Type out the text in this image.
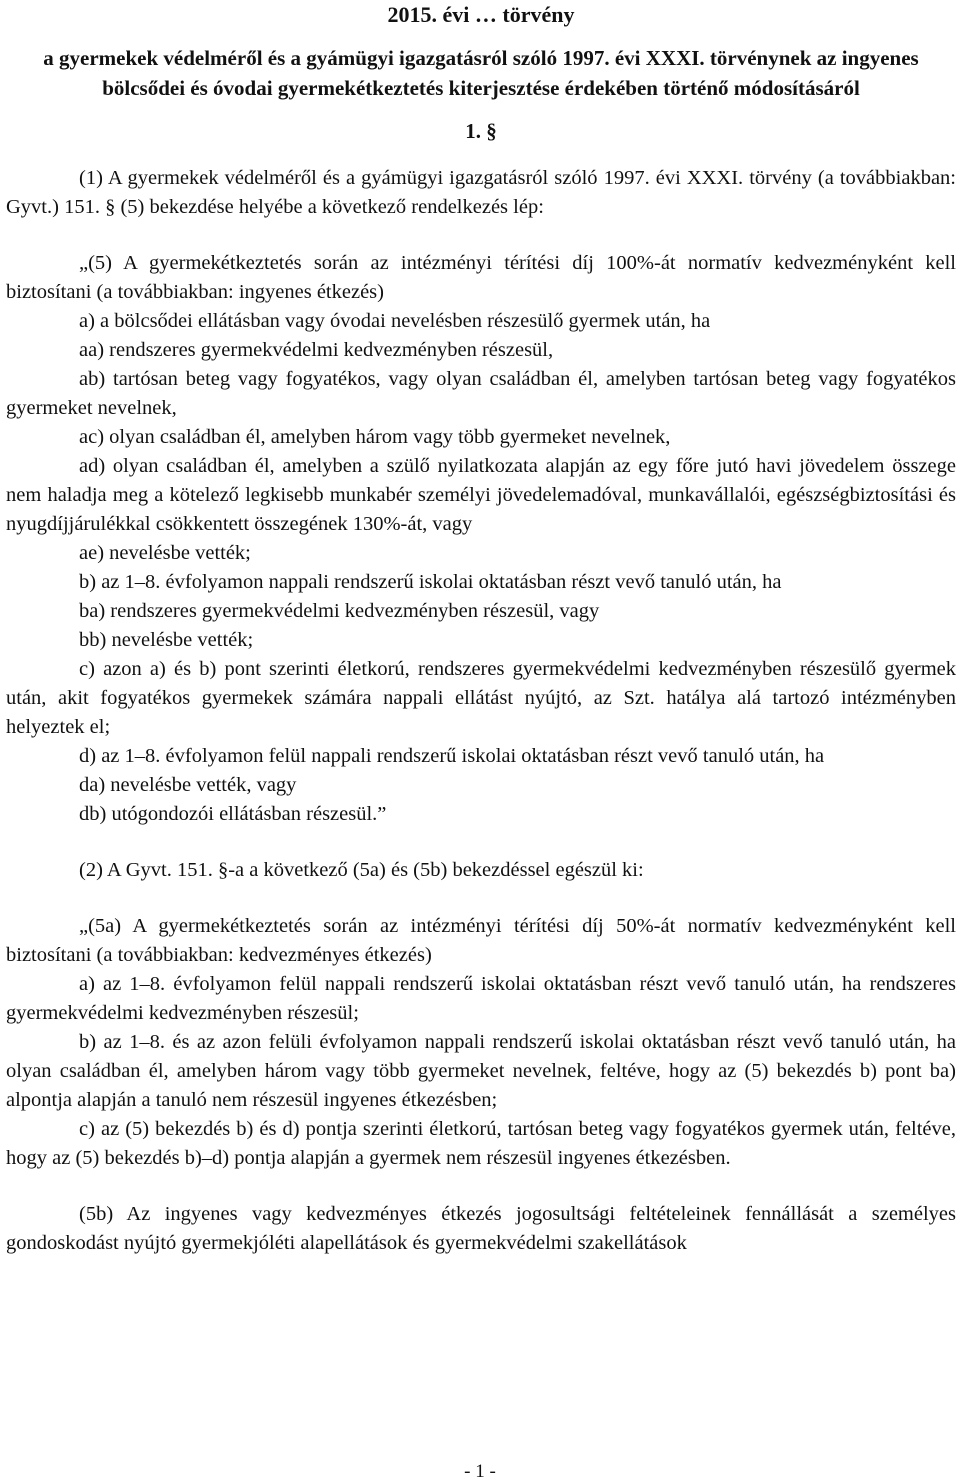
2015. évi … törvény

a gyermekek védelméről és a gyámügyi igazgatásról szóló 1997. évi XXXI. törvénynek az ingyenes bölcsődei és óvodai gyermekétkeztetés kiterjesztése érdekében történő módosításáról

1. §

(1) A gyermekek védelméről és a gyámügyi igazgatásról szóló 1997. évi XXXI. törvény (a továbbiakban: Gyvt.) 151. § (5) bekezdése helyébe a következő rendelkezés lép:

„(5) A gyermekétkeztetés során az intézményi térítési díj 100%-át normatív kedvezményként kell biztosítani (a továbbiakban: ingyenes étkezés)

a) a bölcsődei ellátásban vagy óvodai nevelésben részesülő gyermek után, ha

aa) rendszeres gyermekvédelmi kedvezményben részesül,

ab) tartósan beteg vagy fogyatékos, vagy olyan családban él, amelyben tartósan beteg vagy fogyatékos gyermeket nevelnek,

ac) olyan családban él, amelyben három vagy több gyermeket nevelnek,

ad) olyan családban él, amelyben a szülő nyilatkozata alapján az egy főre jutó havi jövedelem összege nem haladja meg a kötelező legkisebb munkabér személyi jövedelemadóval, munkavállalói, egészségbiztosítási és nyugdíjjárulékkal csökkentett összegének 130%-át, vagy

ae) nevelésbe vették;

b) az 1–8. évfolyamon nappali rendszerű iskolai oktatásban részt vevő tanuló után, ha

ba) rendszeres gyermekvédelmi kedvezményben részesül, vagy

bb) nevelésbe vették;

c) azon a) és b) pont szerinti életkorú, rendszeres gyermekvédelmi kedvezményben részesülő gyermek után, akit fogyatékos gyermekek számára nappali ellátást nyújtó, az Szt. hatálya alá tartozó intézményben helyeztek el;

d) az 1–8. évfolyamon felül nappali rendszerű iskolai oktatásban részt vevő tanuló után, ha

da) nevelésbe vették, vagy

db) utógondozói ellátásban részesül.”

(2) A Gyvt. 151. §-a a következő (5a) és (5b) bekezdéssel egészül ki:

„(5a) A gyermekétkeztetés során az intézményi térítési díj 50%-át normatív kedvezményként kell biztosítani (a továbbiakban: kedvezményes étkezés)

a) az 1–8. évfolyamon felül nappali rendszerű iskolai oktatásban részt vevő tanuló után, ha rendszeres gyermekvédelmi kedvezményben részesül;

b) az 1–8. és az azon felüli évfolyamon nappali rendszerű iskolai oktatásban részt vevő tanuló után, ha olyan családban él, amelyben három vagy több gyermeket nevelnek, feltéve, hogy az (5) bekezdés b) pont ba) alpontja alapján a tanuló nem részesül ingyenes étkezésben;

c) az (5) bekezdés b) és d) pontja szerinti életkorú, tartósan beteg vagy fogyatékos gyermek után, feltéve, hogy az (5) bekezdés b)–d) pontja alapján a gyermek nem részesül ingyenes étkezésben.

(5b) Az ingyenes vagy kedvezményes étkezés jogosultsági feltételeinek fennállását a személyes gondoskodást nyújtó gyermekjóléti alapellátások és gyermekvédelmi szakellátások

- 1 -
